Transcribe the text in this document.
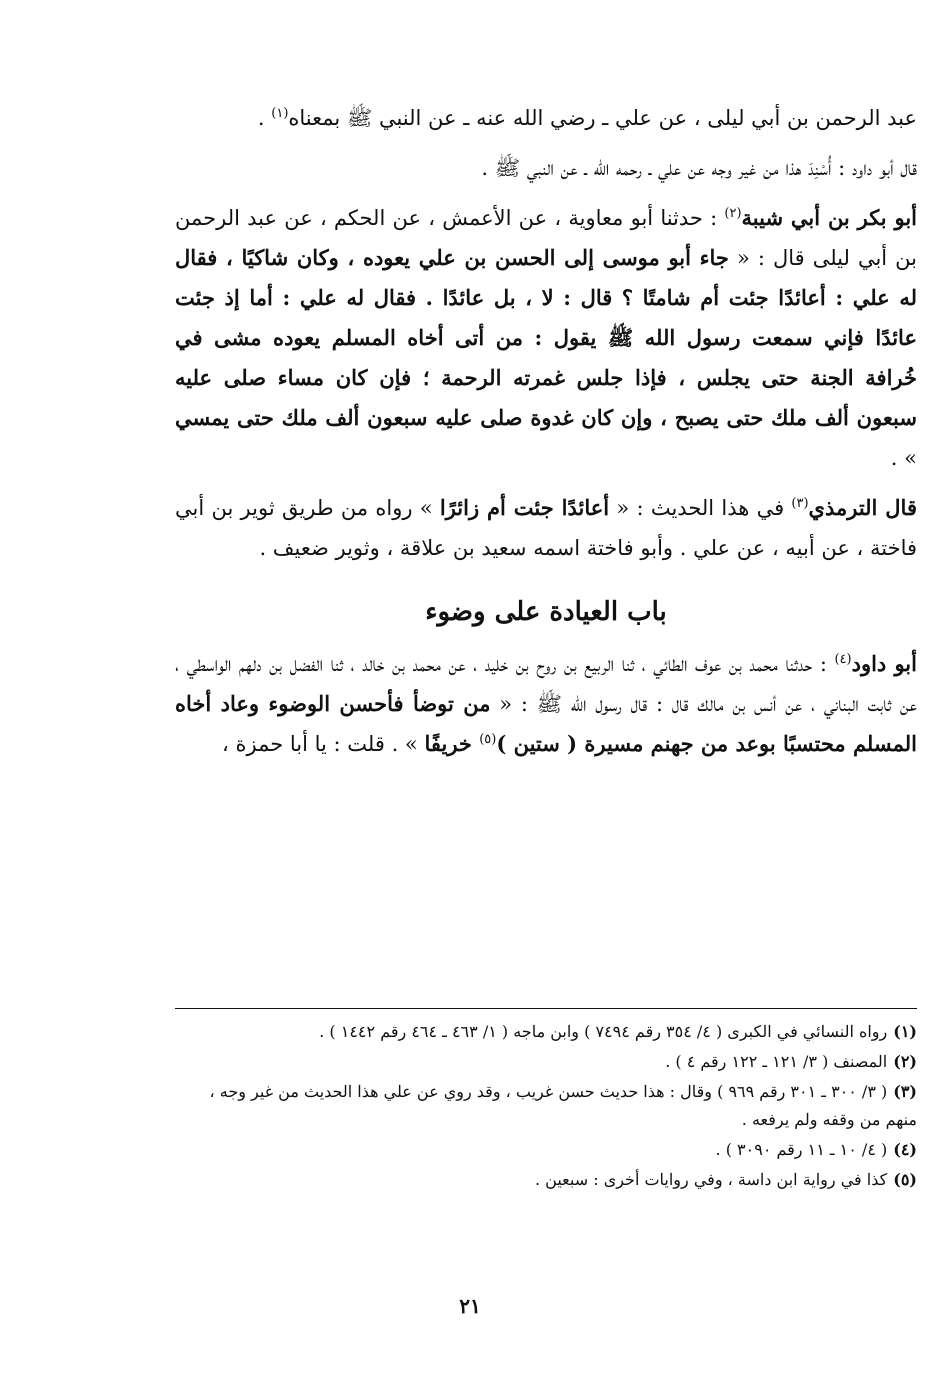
عبد الرحمن بن أبي ليلى ، عن علي ـ رضي الله عنه ـ عن النبي ﷺ بمعناه$^{(١)}$ .

قال أبو داود : أُسْنِدَ هذا من غير وجه عن علي ـ رحمه الله ـ عن النبي ﷺ .

أبو بكر بن أبي شيبة$^{(٢)}$ : حدثنا أبو معاوية ، عن الأعمش ، عن الحكم ، عن عبد الرحمن بن أبي ليلى قال : « جاء أبو موسى إلى الحسن بن علي يعوده ، وكان شاكيًا ، فقال له علي : أعائدًا جئت أم شامتًا ؟ قال : لا ، بل عائدًا . فقال له علي : أما إذ جئت عائدًا فإني سمعت رسول الله ﷺ يقول : من أتى أخاه المسلم يعوده مشى في خُرافة الجنة حتى يجلس ، فإذا جلس غمرته الرحمة ؛ فإن كان مساء صلى عليه سبعون ألف ملك حتى يصبح ، وإن كان غدوة صلى عليه سبعون ألف ملك حتى يمسي » .

قال الترمذي$^{(٣)}$ في هذا الحديث : « أعائدًا جئت أم زائرًا » رواه من طريق ثوير بن أبي فاختة ، عن أبيه ، عن علي . وأبو فاختة اسمه سعيد بن علاقة ، وثوير ضعيف .

باب العيادة على وضوء

أبو داود$^{(٤)}$ : حدثنا محمد بن عوف الطائي ، ثنا الربيع بن روح بن خليد ، عن محمد بن خالد ، ثنا الفضل بن دلهم الواسطي ، عن ثابت البناني ، عن أنس بن مالك قال : قال رسول الله ﷺ : « من توضأ فأحسن الوضوء وعاد أخاه المسلم محتسبًا بوعد من جهنم مسيرة ( ستين )$^{(٥)}$ خريفًا » . قلت : يا أبا حمزة ،

(١)رواه النسائي في الكبرى ( ٤/ ٣٥٤ رقم ٧٤٩٤ ) وابن ماجه ( ١/ ٤٦٣ ـ ٤٦٤ رقم ١٤٤٢ ) .

(٢)المصنف ( ٣/ ١٢١ ـ ١٢٢ رقم ٤ ) .

(٣)( ٣/ ٣٠٠ ـ ٣٠١ رقم ٩٦٩ ) وقال : هذا حديث حسن غريب ، وقد روي عن علي هذا الحديث من غير وجه ، منهم من وقفه ولم يرفعه .

(٤)( ٤/ ١٠ ـ ١١ رقم ٣٠٩٠ ) .

(٥)كذا في رواية ابن داسة ، وفي روايات أخرى : سبعين .

٢١
